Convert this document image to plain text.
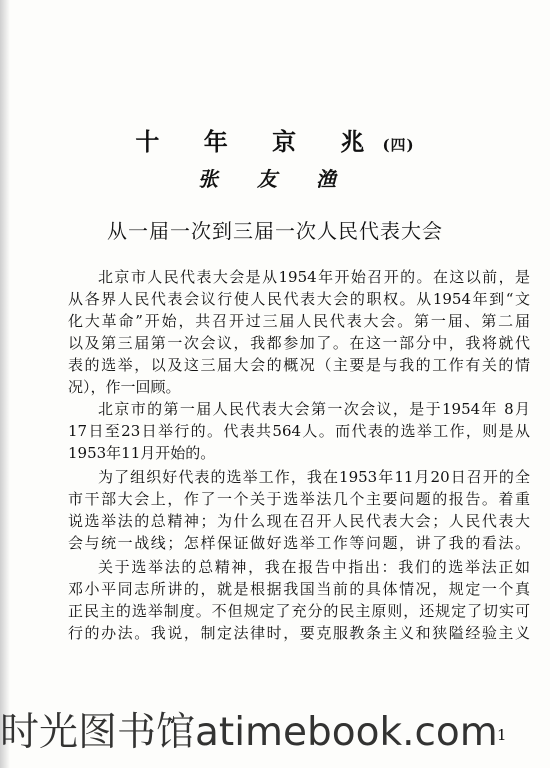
十 年 京 兆(四)
张 友 渔
从一届一次到三届一次人民代表大会
北京市人民代表大会是从1954年开始召开的。在这以前，是
从各界人民代表会议行使人民代表大会的职权。从1954年到“文
化大革命”开始，共召开过三届人民代表大会。第一届、第二届
以及第三届第一次会议，我都参加了。在这一部分中，我将就代
表的选举，以及这三届大会的概况（主要是与我的工作有关的情
况），作一回顾。
北京市的第一届人民代表大会第一次会议，是于1954年 8月
17日至23日举行的。代表共564人。而代表的选举工作，则是从
1953年11月开始的。
为了组织好代表的选举工作，我在1953年11月20日召开的全
市干部大会上，作了一个关于选举法几个主要问题的报告。着重
说选举法的总精神；为什么现在召开人民代表大会；人民代表大
会与统一战线；怎样保证做好选举工作等问题，讲了我的看法。
关于选举法的总精神，我在报告中指出：我们的选举法正如
邓小平同志所讲的，就是根据我国当前的具体情况，规定一个真
正民主的选举制度。不但规定了充分的民主原则，还规定了切实可
行的办法。我说，制定法律时，要克服教条主义和狭隘经验主义
1
时光图书馆atimebook.com
